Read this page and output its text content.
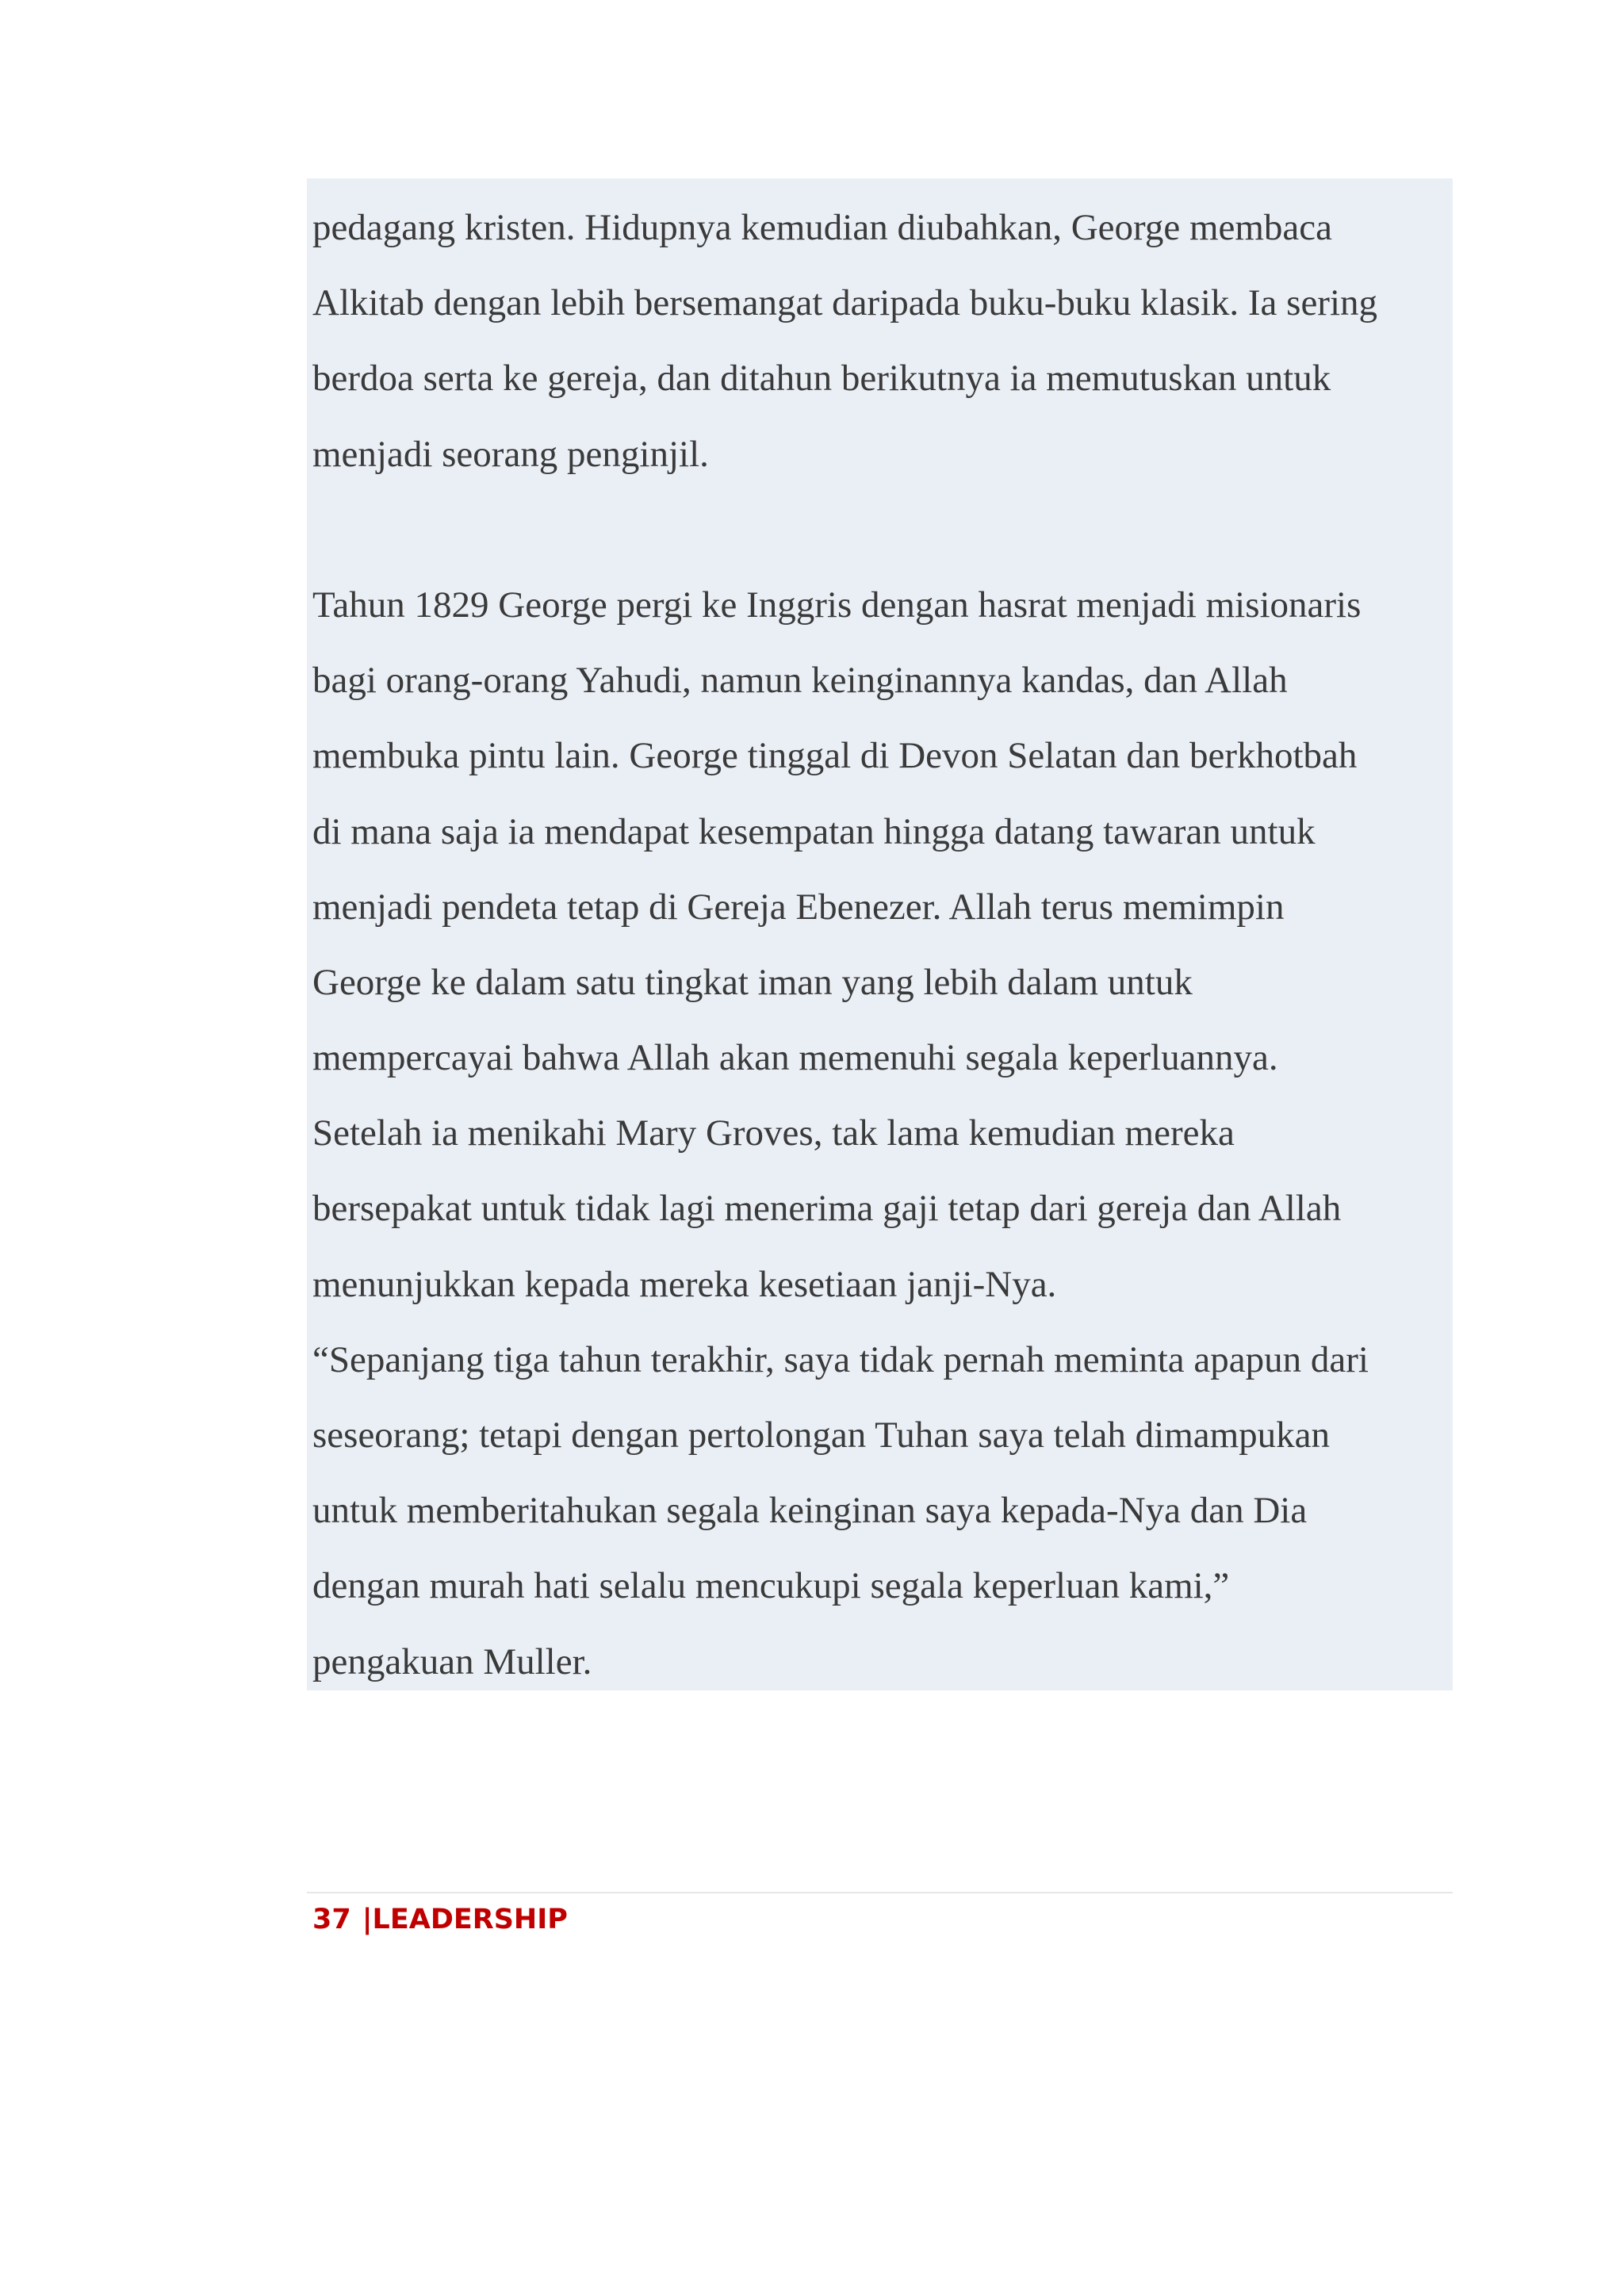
pedagang kristen. Hidupnya kemudian diubahkan, George membaca
Alkitab dengan lebih bersemangat daripada buku-buku klasik. Ia sering
berdoa serta ke gereja, dan ditahun berikutnya ia memutuskan untuk
menjadi seorang penginjil.
Tahun 1829 George pergi ke Inggris dengan hasrat menjadi misionaris
bagi orang-orang Yahudi, namun keinginannya kandas, dan Allah
membuka pintu lain. George tinggal di Devon Selatan dan berkhotbah
di mana saja ia mendapat kesempatan hingga datang tawaran untuk
menjadi pendeta tetap di Gereja Ebenezer. Allah terus memimpin
George ke dalam satu tingkat iman yang lebih dalam untuk
mempercayai bahwa Allah akan memenuhi segala keperluannya.
Setelah ia menikahi Mary Groves, tak lama kemudian mereka
bersepakat untuk tidak lagi menerima gaji tetap dari gereja dan Allah
menunjukkan kepada mereka kesetiaan janji-Nya.
“Sepanjang tiga tahun terakhir, saya tidak pernah meminta apapun dari
seseorang; tetapi dengan pertolongan Tuhan saya telah dimampukan
untuk memberitahukan segala keinginan saya kepada-Nya dan Dia
dengan murah hati selalu mencukupi segala keperluan kami,”
pengakuan Muller.
37 |LEADERSHIP
